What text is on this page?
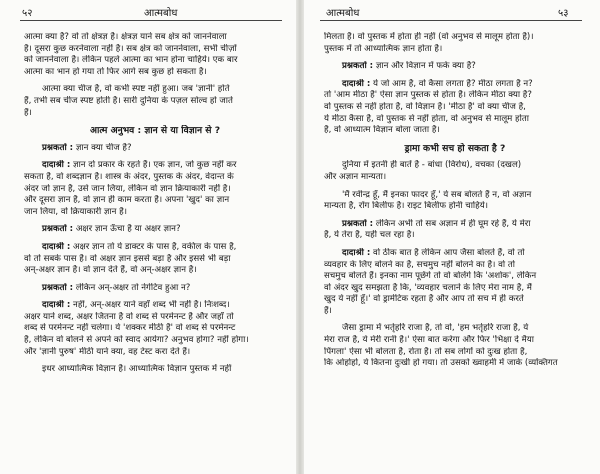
५२	आत्मबोध
आत्मा क्या है? वो तो क्षेत्रज्ञ है। क्षेत्रज्ञ याने सब क्षेत्र को जाननेवाला
है। दूसरा कुछ करनेवाला नहीं है। सब क्षेत्र को जाननेवाला, सभी चीज़ों
को जाननेवाला है। लेकिन पहले आत्मा का भान होना चाहिये। एक बार
आत्मा का भान हो गया तो फिर आगे सब कुछ हो सकता है।
आत्मा क्या चीज है, वो कभी स्पष्ट नहीं हुआ। जब 'ज्ञानी' होते
हैं, तभी सब चीज स्पष्ट होती है। सारी दुनिया के पज़ल सोल्व हो जाते
हैं।
आत्म अनुभव : ज्ञान से या विज्ञान से ?
प्रश्नकर्ता : ज्ञान क्या चीज है?
दादाश्री : ज्ञान दो प्रकार के रहते हैं। एक ज्ञान, जो कुछ नहीं कर
सकता है, वो शब्दज्ञान है। शास्त्र के अंदर, पुस्तक के अंदर, वेदान्त के
अंदर जो ज्ञान है, उसे जान लिया, लेकिन वो ज्ञान क्रियाकारी नहीं है।
और दूसरा ज्ञान है, वो ज्ञान ही काम करता है। अपना 'खुद' का ज्ञान
जान लिया, वो क्रियाकारी ज्ञान है।
प्रश्नकर्ता : अक्षर ज्ञान ऊँचा है या अक्षर ज्ञान?
दादाश्री : अक्षर ज्ञान तो ये डाक्टर के पास है, वकील के पास है,
वो तो सबके पास है। वो अक्षर ज्ञान इससे बड़ा है और इससे भी बड़ा
अन्-अक्षर ज्ञान है। वो ज्ञान देते हैं, वो अन्-अक्षर ज्ञान है।
प्रश्नकर्ता : लेकिन अन्-अक्षर तो नेगेटिव हुआ न?
दादाश्री : नहीं, अन्-अक्षर याने वहाँ शब्द भी नहीं है। निःशब्द।
अक्षर याने शब्द, अक्षर जितना है वो शब्द से परमेनन्ट है और जहाँ तो
शब्द से परमेनन्ट नहीं चलेगा। ये 'शक्कर मीठी है' वो शब्द से परमेनन्ट
है, लेकिन वो बोलने से अपने को स्वाद आयेगा? अनुभव होगा? नहीं होगा।
और 'ज्ञानी पुरुष' मीठी याने क्या, वह टेस्ट करा देते हैं।
इधर आध्यात्मिक विज्ञान है। आध्यात्मिक विज्ञान पुस्तक में नहीं
आत्मबोध	५३
मिलता है। वो पुस्तक में होता ही नहीं (वो अनुभव से मालूम होता है)।
पुस्तक में तो आध्यात्मिक ज्ञान होता है।
प्रश्नकर्ता : ज्ञान और विज्ञान में फर्क क्या है?
दादाश्री : ये जो आम है, वो कैसा लगता है? मीठा लगता है न?
तो 'आम मीठा है' ऐसा ज्ञान पुस्तक से होता है। लेकिन मीठा क्या है?
वो पुस्तक से नहीं होता है, वो विज्ञान है। 'मीठा है' वो क्या चीज है,
ये मीठा कैसा है, वो पुस्तक से नहीं होता, वो अनुभव से मालूम होता
है, वो आध्यात्म विज्ञान बोला जाता है।
ड्रामा कभी सच हो सकता है ?
दुनिया में इतनी ही बातें है - बांधा (विरोध), वचका (दखल)
और अज्ञान मान्यता।
'मैं रवीन्द्र हूँ, मैं इनका फादर हूँ,' ये सब बोलते हैं न, वो अज्ञान
मान्यता है, रोंग बिलीफ है। राइट बिलीफ होनी चाहिये।
प्रश्नकर्ता : लेकिन अभी तो सब अज्ञान में ही घूम रहे हैं, ये मेरा
है, ये तेरा है, यही चल रहा है।
दादाश्री : वो ठीक बात है लेकिन आप जैसा बोलते हैं, वो तो
व्यवहार के लिए बोलने का है, सचमुच नहीं बोलने का है। वो तो
सचमुच बोलते हैं। इनका नाम पूछेंगे तो वो बोलेंगे कि 'अशोक', लेकिन
वो अंदर खुद समझता है कि, 'व्यवहार चलाने के लिए मेरा नाम है, मैं
खुद ये नहीं हूँ।' वो ड्रामेटिक रहता है और आप तो सच में ही करते
हैं।
जैसा ड्रामा में भर्तृहरि राजा है, तो वो, 'हम भर्तृहरि राजा है, ये
मेरा राज है, ये मेरी रानी है।' ऐसा बात करेगा और फिर 'भिक्षा दे मैया
पिंगला' ऐसा भी बोलता है, रोता है। तो सब लोगों को दुःख होता है,
कि ओहोहो, ये कितना दुःखी हो गया। तो उसको ख्वाहमी में जाके (व्यक्तिगत
